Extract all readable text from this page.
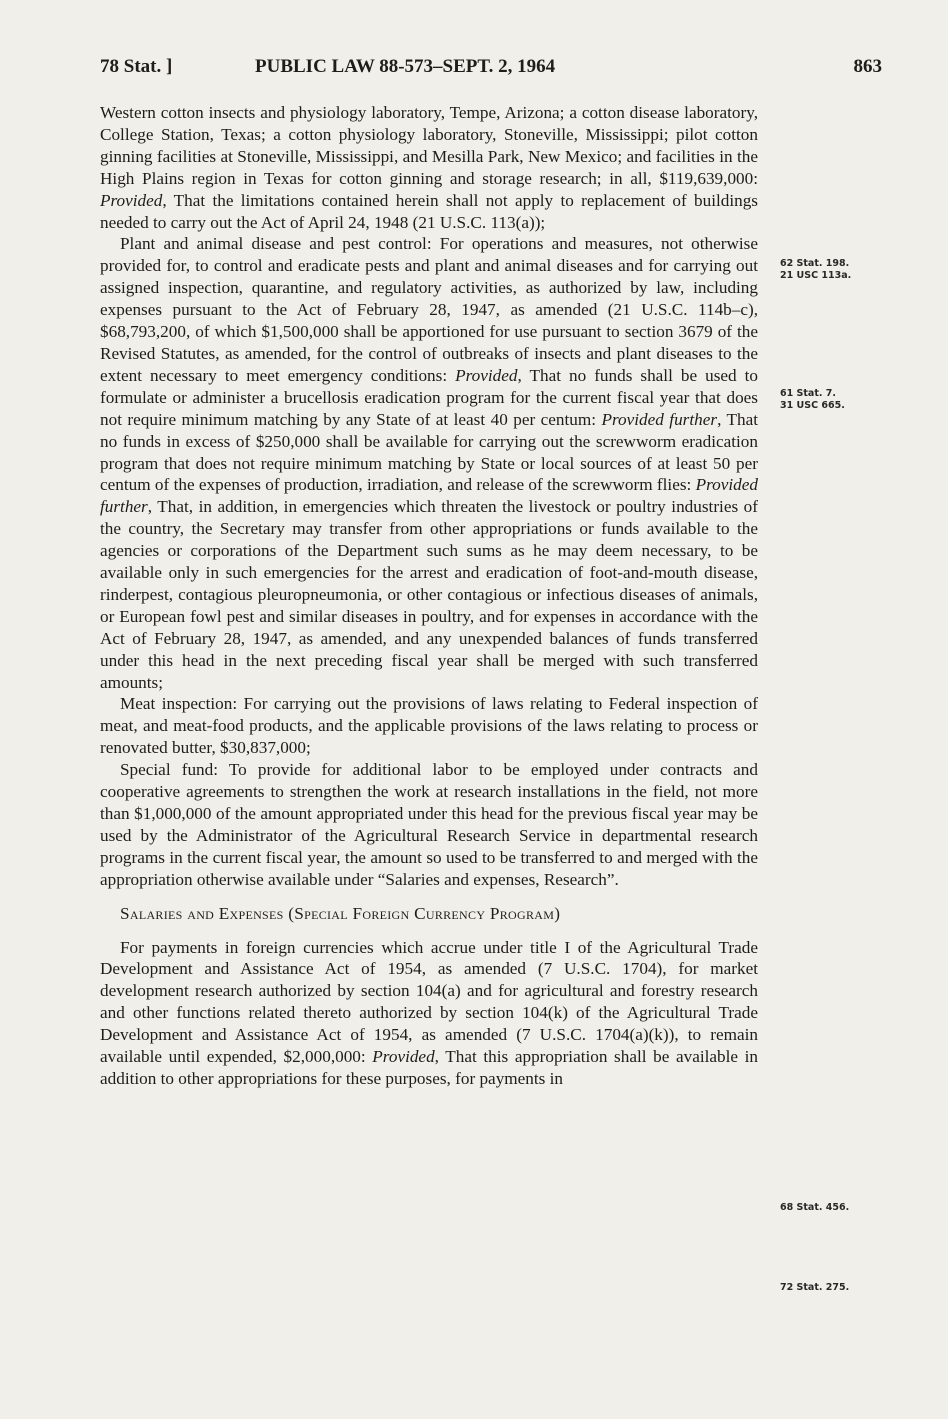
78 Stat. ]	PUBLIC LAW 88-573–SEPT. 2, 1964	863

Western cotton insects and physiology laboratory, Tempe, Arizona; a cotton disease laboratory, College Station, Texas; a cotton physiology laboratory, Stoneville, Mississippi; pilot cotton ginning facilities at Stoneville, Mississippi, and Mesilla Park, New Mexico; and facilities in the High Plains region in Texas for cotton ginning and storage research; in all, $119,639,000: Provided, That the limitations contained herein shall not apply to replacement of buildings needed to carry out the Act of April 24, 1948 (21 U.S.C. 113(a));

Plant and animal disease and pest control: For operations and measures, not otherwise provided for, to control and eradicate pests and plant and animal diseases and for carrying out assigned inspection, quarantine, and regulatory activities, as authorized by law, including expenses pursuant to the Act of February 28, 1947, as amended (21 U.S.C. 114b–c), $68,793,200, of which $1,500,000 shall be apportioned for use pursuant to section 3679 of the Revised Statutes, as amended, for the control of outbreaks of insects and plant diseases to the extent necessary to meet emergency conditions: Provided, That no funds shall be used to formulate or administer a brucellosis eradication program for the current fiscal year that does not require minimum matching by any State of at least 40 per centum: Provided further, That no funds in excess of $250,000 shall be available for carrying out the screwworm eradication program that does not require minimum matching by State or local sources of at least 50 per centum of the expenses of production, irradiation, and release of the screwworm flies: Provided further, That, in addition, in emergencies which threaten the livestock or poultry industries of the country, the Secretary may transfer from other appropriations or funds available to the agencies or corporations of the Department such sums as he may deem necessary, to be available only in such emergencies for the arrest and eradication of foot-and-mouth disease, rinderpest, contagious pleuropneumonia, or other contagious or infectious diseases of animals, or European fowl pest and similar diseases in poultry, and for expenses in accordance with the Act of February 28, 1947, as amended, and any unexpended balances of funds transferred under this head in the next preceding fiscal year shall be merged with such transferred amounts;

Meat inspection: For carrying out the provisions of laws relating to Federal inspection of meat, and meat-food products, and the applicable provisions of the laws relating to process or renovated butter, $30,837,000;

Special fund: To provide for additional labor to be employed under contracts and cooperative agreements to strengthen the work at research installations in the field, not more than $1,000,000 of the amount appropriated under this head for the previous fiscal year may be used by the Administrator of the Agricultural Research Service in departmental research programs in the current fiscal year, the amount so used to be transferred to and merged with the appropriation otherwise available under “Salaries and expenses, Research”.

Salaries and Expenses (Special Foreign Currency Program)

For payments in foreign currencies which accrue under title I of the Agricultural Trade Development and Assistance Act of 1954, as amended (7 U.S.C. 1704), for market development research authorized by section 104(a) and for agricultural and forestry research and other functions related thereto authorized by section 104(k) of the Agricultural Trade Development and Assistance Act of 1954, as amended (7 U.S.C. 1704(a)(k)), to remain available until expended, $2,000,000: Provided, That this appropriation shall be available in addition to other appropriations for these purposes, for payments in

62 Stat. 198.
21 USC 113a.
61 Stat. 7.
31 USC 665.
68 Stat. 456.
72 Stat. 275.
